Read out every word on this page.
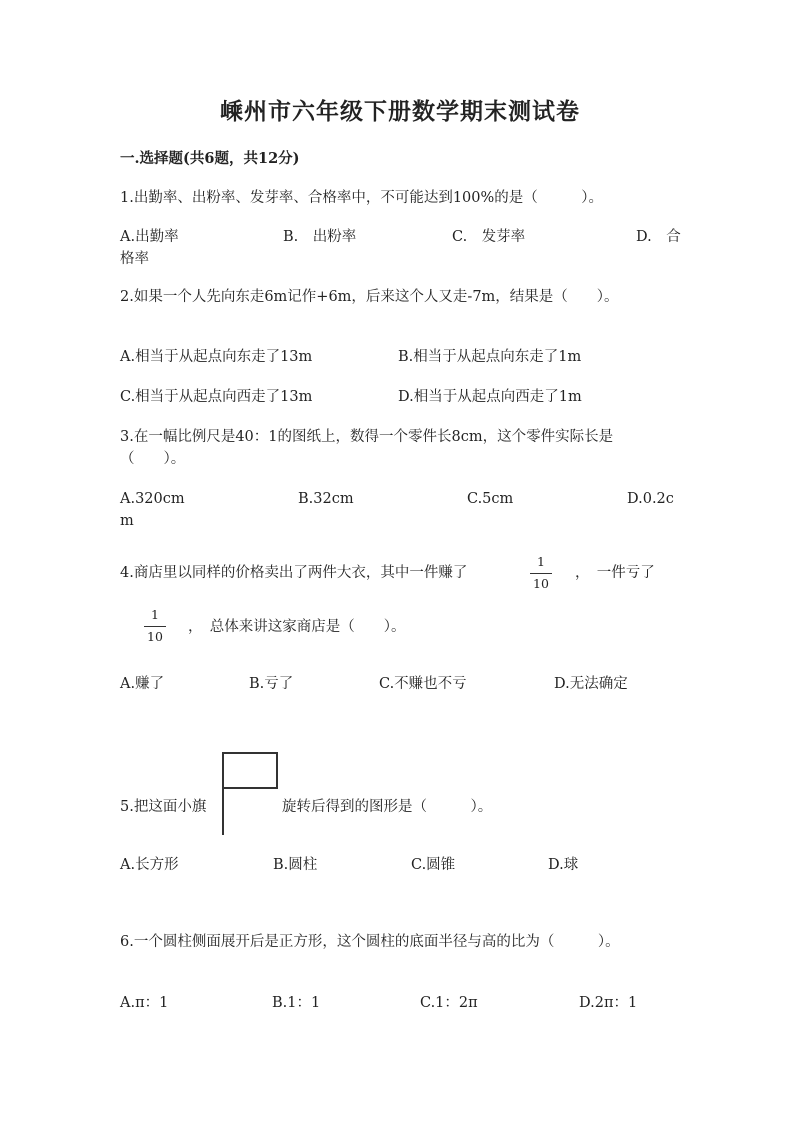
嵊州市六年级下册数学期末测试卷
一.选择题(共6题，共12分)
1.出勤率、出粉率、发芽率、合格率中，不可能达到100%的是（　　　）。
A.出勤率	B.　出粉率	C.　发芽率	D.　合
格率
2.如果一个人先向东走6m记作+6m，后来这个人又走-7m，结果是（　　）。
A.相当于从起点向东走了13m	B.相当于从起点向东走了1m
C.相当于从起点向西走了13m	D.相当于从起点向西走了1m
3.在一幅比例尺是40：1的图纸上，数得一个零件长8cm，这个零件实际长是
（　　）。
A.320cm	B.32cm	C.5cm	D.0.2c
m
4.商店里以同样的价格卖出了两件大衣，其中一件赚了
1
10
，　一件亏了
1
10
，　总体来讲这家商店是（　　）。
A.赚了	B.亏了	C.不赚也不亏	D.无法确定
5.把这面小旗	旋转后得到的图形是（　　　）。
A.长方形	B.圆柱	C.圆锥	D.球
6.一个圆柱侧面展开后是正方形，这个圆柱的底面半径与高的比为（　　　）。
A.π：1	B.1：1	C.1：2π	D.2π：1
